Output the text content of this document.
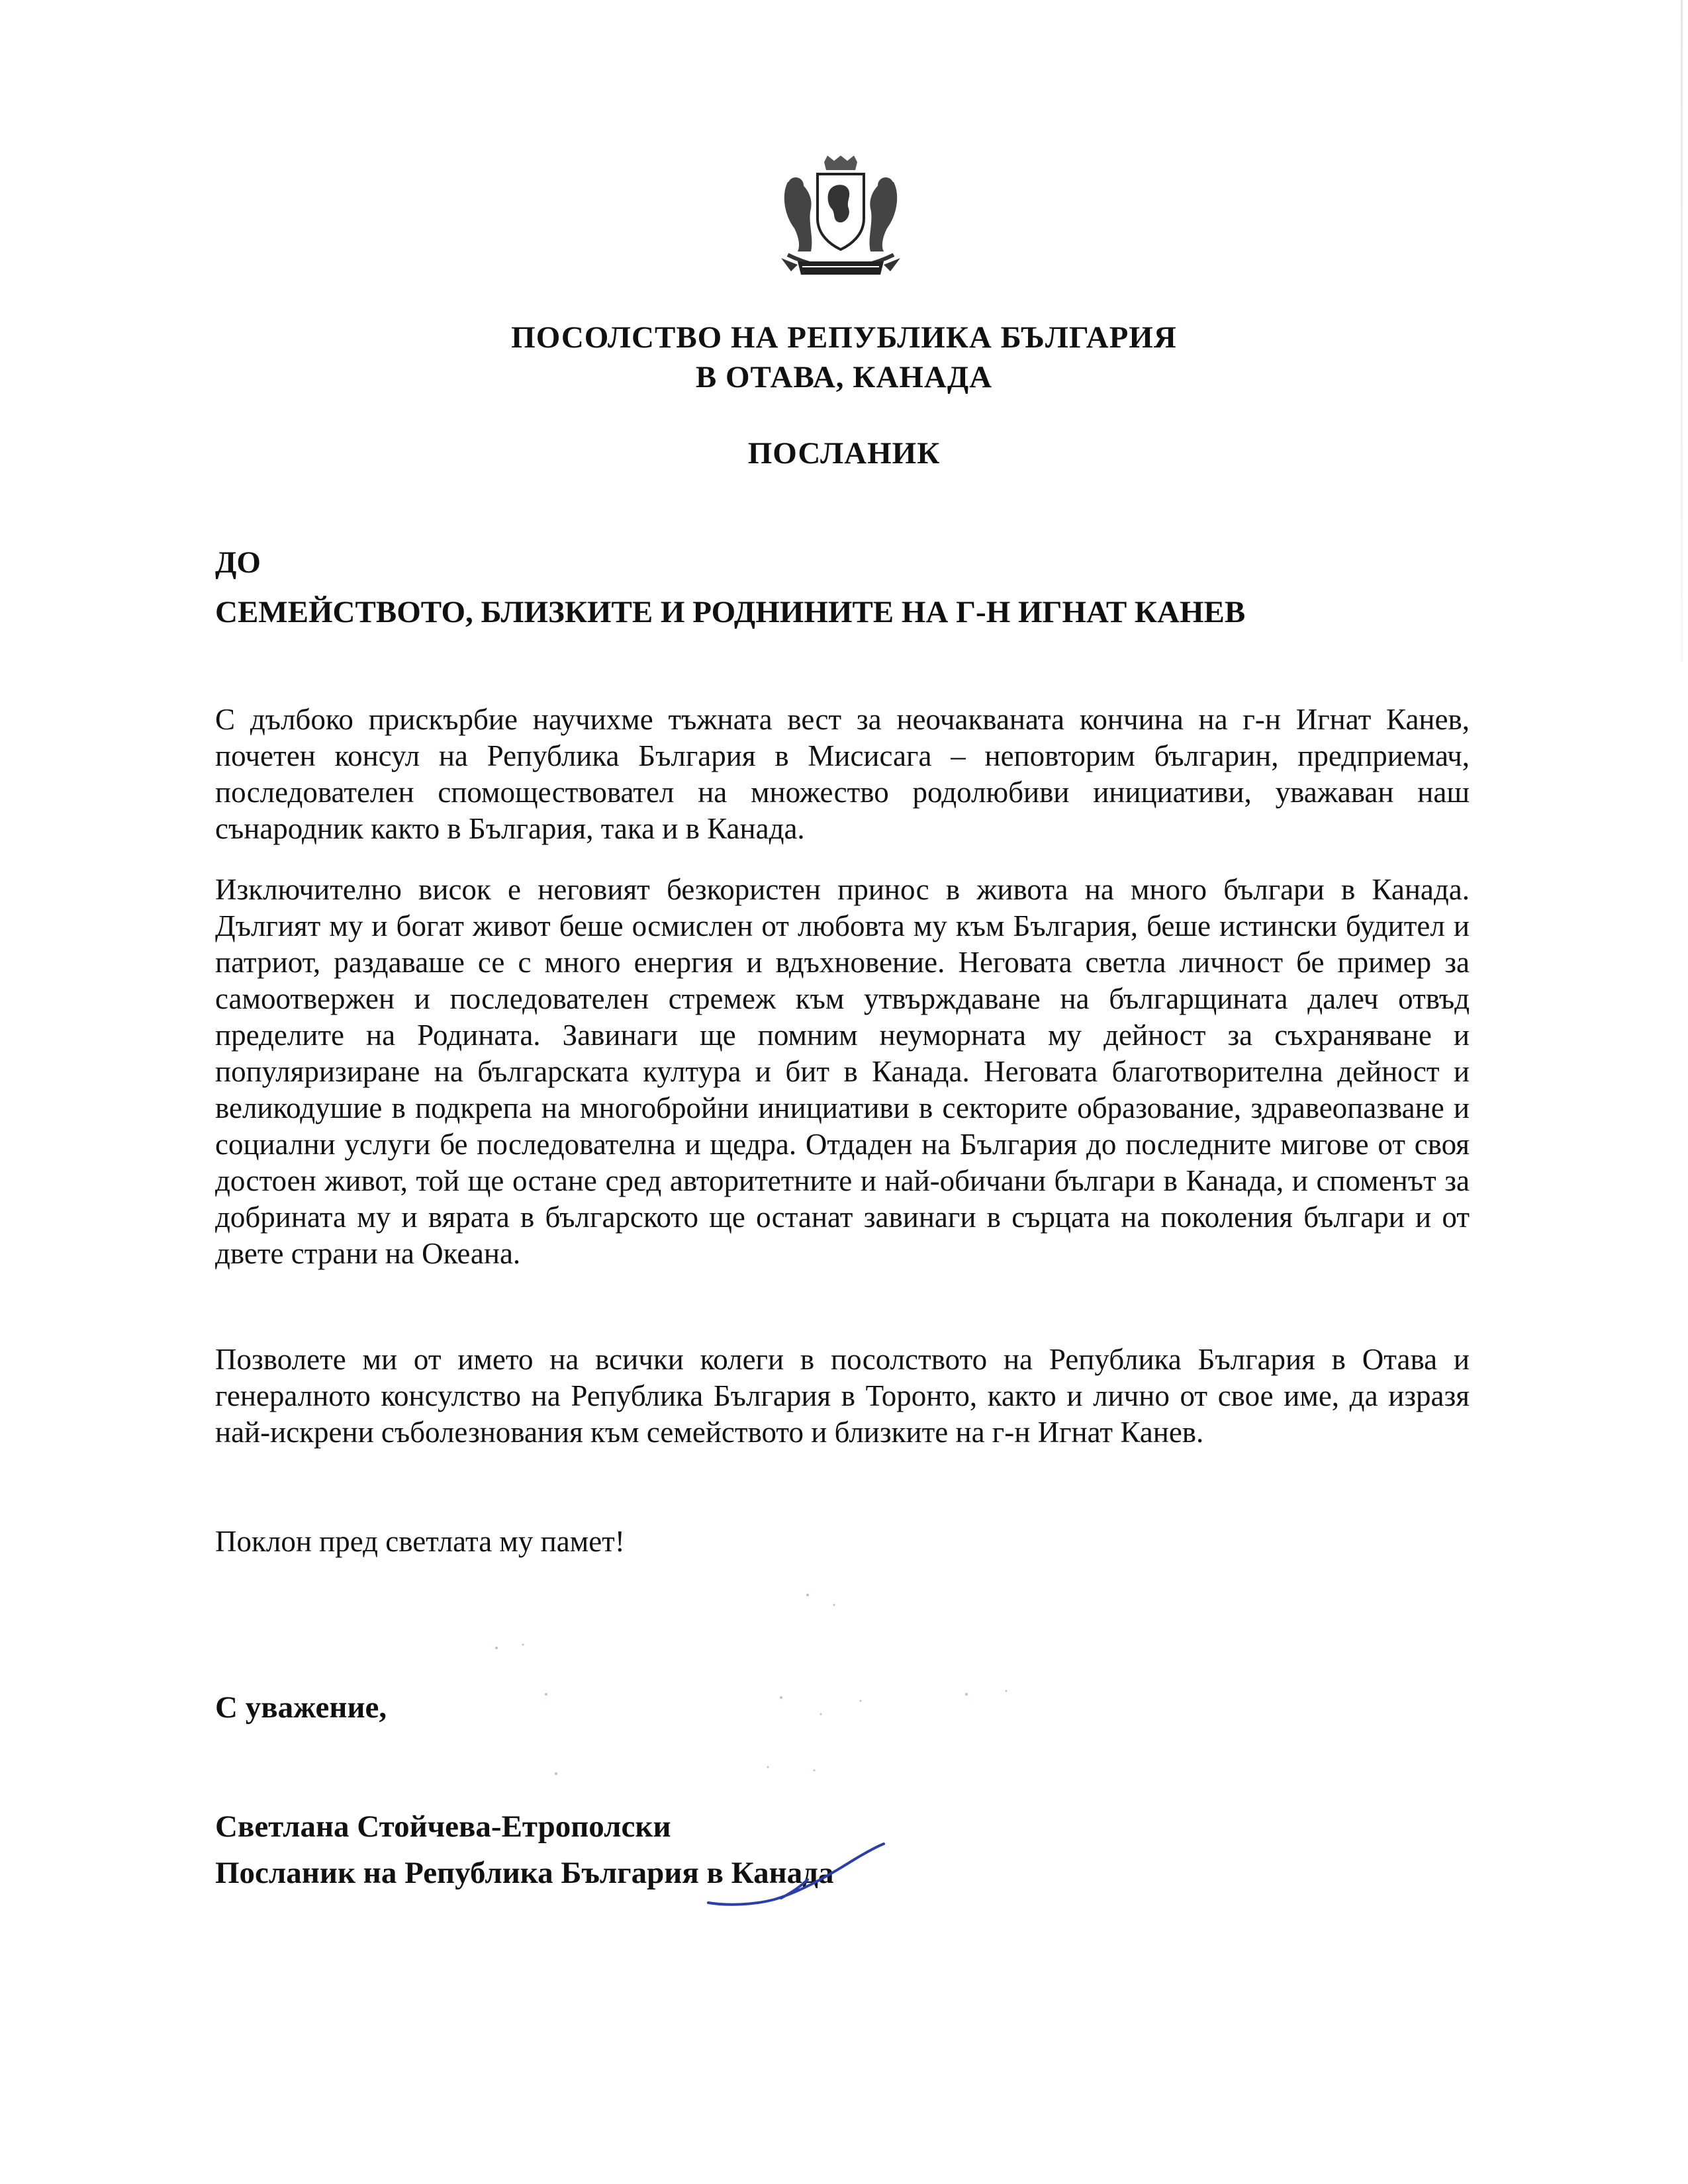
ПОСОЛСТВО НА РЕПУБЛИКА БЪЛГАРИЯ
В ОТАВА, КАНАДА
ПОСЛАНИК
ДО
СЕМЕЙСТВОТО, БЛИЗКИТЕ И РОДНИНИТЕ НА Г-Н ИГНАТ КАНЕВ

С дълбоко прискърбие научихме тъжната вест за неочакваната кончина на г-н Игнат Канев, почетен консул на Република България в Мисисага – неповторим българин, предприемач, последователен спомоществовател на множество родолюбиви инициативи, уважаван наш сънародник както в България, така и в Канада.

Изключително висок е неговият безкористен принос в живота на много българи в Канада. Дългият му и богат живот беше осмислен от любовта му към България, беше истински будител и патриот, раздаваше се с много енергия и вдъхновение. Неговата светла личност бе пример за самоотвержен и последователен стремеж към утвърждаване на българщината далеч отвъд пределите на Родината. Завинаги ще помним неуморната му дейност за съхраняване и популяризиране на българската култура и бит в Канада. Неговата благотворителна дейност и великодушие в подкрепа на многобройни инициативи в секторите образование, здравеопазване и социални услуги бе последователна и щедра. Отдаден на България до последните мигове от своя достоен живот, той ще остане сред авторитетните и най-обичани българи в Канада, и споменът за добрината му и вярата в българското ще останат завинаги в сърцата на поколения българи и от двете страни на Океана.

Позволете ми от името на всички колеги в посолството на Република България в Отава и генералното консулство на Република България в Торонто, както и лично от свое име, да изразя най-искрени съболезнования към семейството и близките на г-н Игнат Канев.

Поклон пред светлата му памет!

С уважение,
Светлана Стойчева-Етрополски
Посланик на Република България в Канада
